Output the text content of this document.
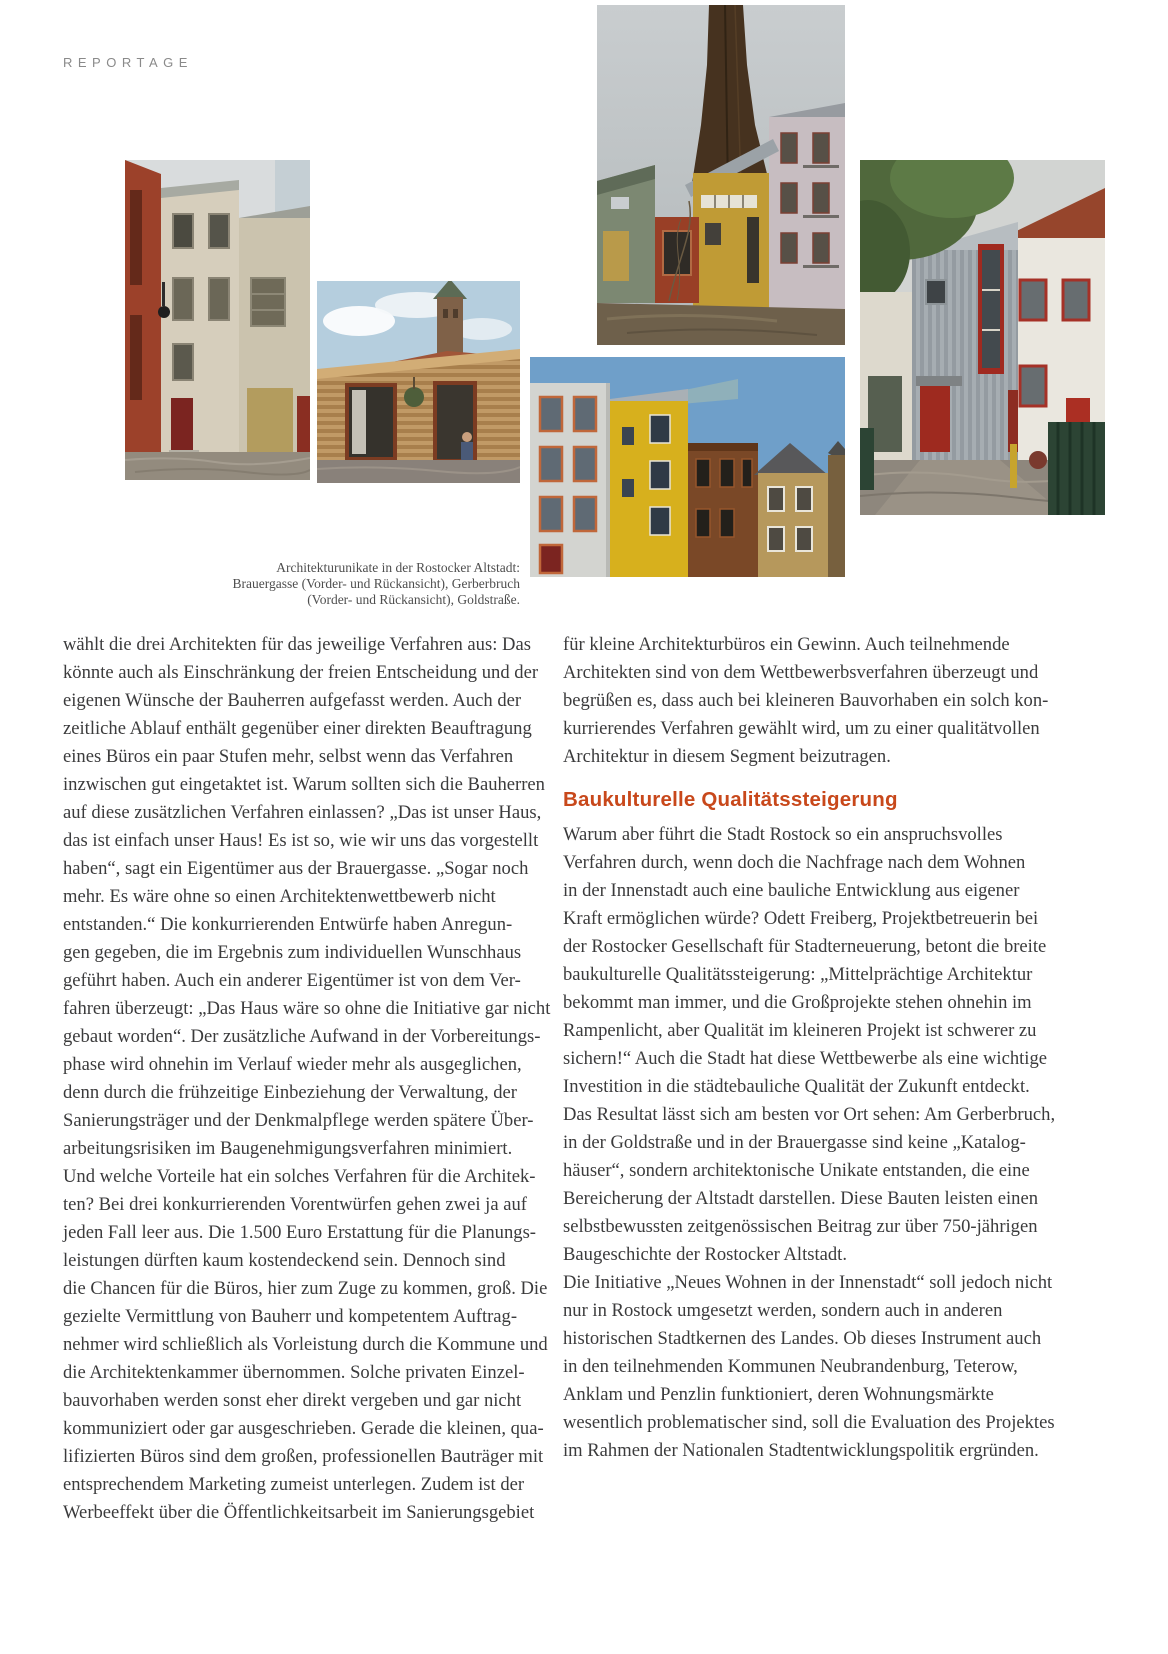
REPORTAGE
Architekturunikate in der Rostocker Altstadt:
Brauergasse (Vorder- und Rückansicht), Gerberbruch
(Vorder- und Rückansicht), Goldstraße.
wählt die drei Architekten für das jeweilige Verfahren aus: Das
könnte auch als Einschränkung der freien Entscheidung und der
eigenen Wünsche der Bauherren aufgefasst werden. Auch der
zeitliche Ablauf enthält gegenüber einer direkten Beauftragung
eines Büros ein paar Stufen mehr, selbst wenn das Verfahren
inzwischen gut eingetaktet ist. Warum sollten sich die Bauherren
auf diese zusätzlichen Verfahren einlassen? „Das ist unser Haus,
das ist einfach unser Haus! Es ist so, wie wir uns das vorgestellt
haben“, sagt ein Eigentümer aus der Brauergasse. „Sogar noch
mehr. Es wäre ohne so einen Architektenwettbewerb nicht
entstanden.“ Die konkurrierenden Entwürfe haben Anregun-
gen gegeben, die im Ergebnis zum individuellen Wunschhaus
geführt haben. Auch ein anderer Eigentümer ist von dem Ver-
fahren überzeugt: „Das Haus wäre so ohne die Initiative gar nicht
gebaut worden“. Der zusätzliche Aufwand in der Vorbereitungs-
phase wird ohnehin im Verlauf wieder mehr als ausgeglichen,
denn durch die frühzeitige Einbeziehung der Verwaltung, der
Sanierungsträger und der Denkmalpflege werden spätere Über-
arbeitungsrisiken im Baugenehmigungsverfahren minimiert.
Und welche Vorteile hat ein solches Verfahren für die Architek-
ten? Bei drei konkurrierenden Vorentwürfen gehen zwei ja auf
jeden Fall leer aus. Die 1.500 Euro Erstattung für die Planungs-
leistungen dürften kaum kostendeckend sein. Dennoch sind
die Chancen für die Büros, hier zum Zuge zu kommen, groß. Die
gezielte Vermittlung von Bauherr und kompetentem Auftrag-
nehmer wird schließlich als Vorleistung durch die Kommune und
die Architektenkammer übernommen. Solche privaten Einzel-
bauvorhaben werden sonst eher direkt vergeben und gar nicht
kommuniziert oder gar ausgeschrieben. Gerade die kleinen, qua-
lifizierten Büros sind dem großen, professionellen Bauträger mit
entsprechendem Marketing zumeist unterlegen. Zudem ist der
Werbeeffekt über die Öffentlichkeitsarbeit im Sanierungsgebiet
für kleine Architekturbüros ein Gewinn. Auch teilnehmende
Architekten sind von dem Wettbewerbsverfahren überzeugt und
begrüßen es, dass auch bei kleineren Bauvorhaben ein solch kon-
kurrierendes Verfahren gewählt wird, um zu einer qualitätvollen
Architektur in diesem Segment beizutragen.
Baukulturelle Qualitätssteigerung
Warum aber führt die Stadt Rostock so ein anspruchsvolles
Verfahren durch, wenn doch die Nachfrage nach dem Wohnen
in der Innenstadt auch eine bauliche Entwicklung aus eigener
Kraft ermöglichen würde? Odett Freiberg, Projektbetreuerin bei
der Rostocker Gesellschaft für Stadterneuerung, betont die breite
baukulturelle Qualitätssteigerung: „Mittelprächtige Architektur
bekommt man immer, und die Großprojekte stehen ohnehin im
Rampenlicht, aber Qualität im kleineren Projekt ist schwerer zu
sichern!“ Auch die Stadt hat diese Wettbewerbe als eine wichtige
Investition in die städtebauliche Qualität der Zukunft entdeckt.
Das Resultat lässt sich am besten vor Ort sehen: Am Gerberbruch,
in der Goldstraße und in der Brauergasse sind keine „Katalog-
häuser“, sondern architektonische Unikate entstanden, die eine
Bereicherung der Altstadt darstellen. Diese Bauten leisten einen
selbstbewussten zeitgenössischen Beitrag zur über 750-jährigen
Baugeschichte der Rostocker Altstadt.
Die Initiative „Neues Wohnen in der Innenstadt“ soll jedoch nicht
nur in Rostock umgesetzt werden, sondern auch in anderen
historischen Stadtkernen des Landes. Ob dieses Instrument auch
in den teilnehmenden Kommunen Neubrandenburg, Teterow,
Anklam und Penzlin funktioniert, deren Wohnungsmärkte
wesentlich problematischer sind, soll die Evaluation des Projektes
im Rahmen der Nationalen Stadtentwicklungspolitik ergründen.
